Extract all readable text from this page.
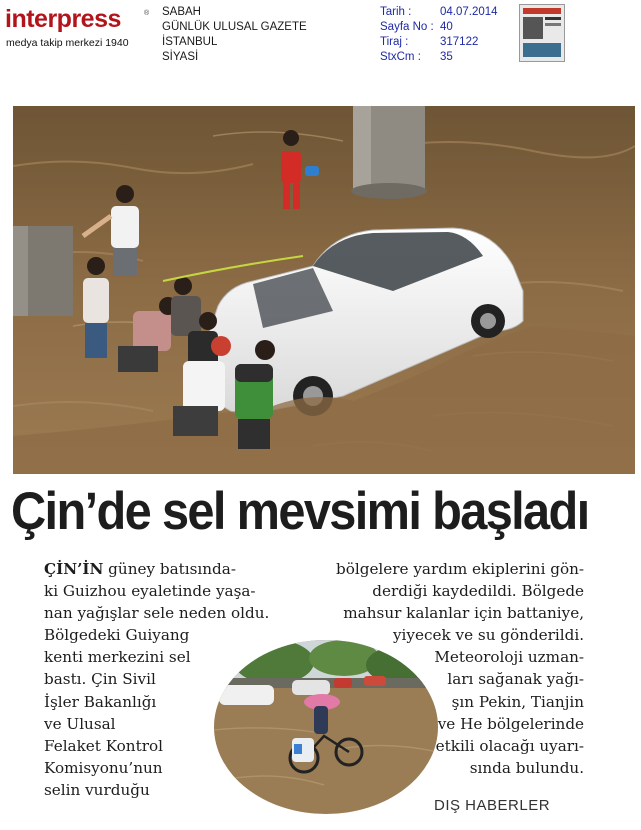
interpress	®
medya takip merkezi 1940
SABAH
GÜNLÜK ULUSAL GAZETE
İSTANBUL
SİYASİ
Tarih : 04.07.2014
Sayfa No : 40
Tiraj :	317122
StxCm : 35
Çin’de sel mevsimi başladı
ÇİN’İN güney batısında-
ki Guizhou eyaletinde yaşa-
nan yağışlar sele neden oldu.
Bölgedeki Guiyang
kenti merkezini sel
bastı. Çin Sivil
İşler Bakanlığı
ve Ulusal
Felaket Kontrol
Komisyonu’nun
selin vurduğu
bölgelere yardım ekiplerini gön-
derdiği kaydedildi. Bölgede
mahsur kalanlar için battaniye,
yiyecek ve su gönderildi.
Meteoroloji uzman-
ları sağanak yağı-
şın Pekin, Tianjin
ve He bölgelerinde
etkili olacağı uyarı-
sında bulundu.
DIŞ HABERLER
